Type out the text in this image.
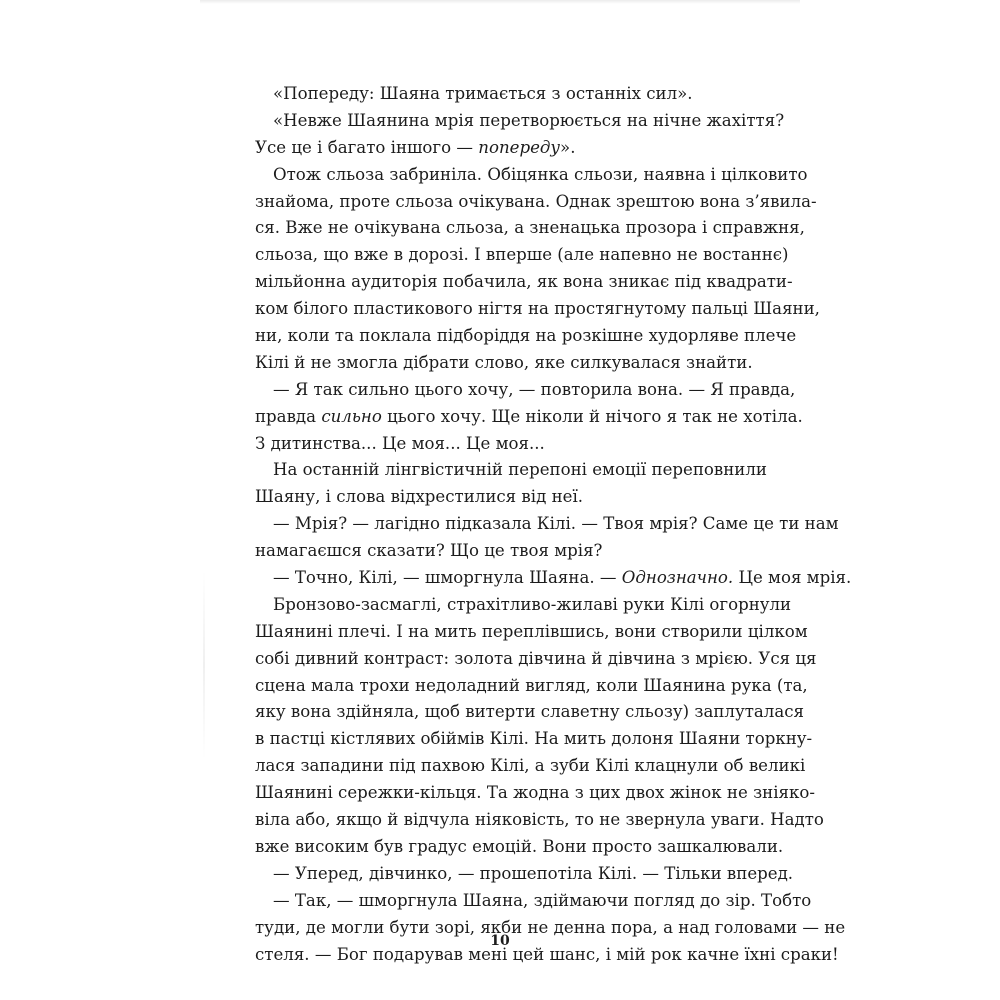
«Попереду: Шаяна тримається з останніх сил».
«Невже Шаянина мрія перетворюється на нічне жахіття?
Усе це і багато іншого — попереду».
Отож сльоза забриніла. Обіцянка сльози, наявна і цілковито
знайома, проте сльоза очікувана. Однак зрештою вона з’явила-
ся. Вже не очікувана сльоза, а зненацька прозора і справжня,
сльоза, що вже в дорозі. І вперше (але напевно не востаннє)
мільйонна аудиторія побачила, як вона зникає під квадрати-
ком білого пластикового нігтя на простягнутому пальці Шаяни,
ни, коли та поклала підборіддя на розкішне худорляве плече
Кілі й не змогла дібрати слово, яке силкувалася знайти.
— Я так сильно цього хочу, — повторила вона. — Я правда,
правда сильно цього хочу. Ще ніколи й нічого я так не хотіла.
З дитинства... Це моя... Це моя...
На останній лінгвістичній перепоні емоції переповнили
Шаяну, і слова відхрестилися від неї.
— Мрія? — лагідно підказала Кілі. — Твоя мрія? Саме це ти нам
намагаєшся сказати? Що це твоя мрія?
— Точно, Кілі, — шморгнула Шаяна. — Однозначно. Це моя мрія.
Бронзово-засмаглі, страхітливо-жилаві руки Кілі огорнули
Шаянині плечі. І на мить переплівшись, вони створили цілком
собі дивний контраст: золота дівчина й дівчина з мрією. Уся ця
сцена мала трохи недоладний вигляд, коли Шаянина рука (та,
яку вона здійняла, щоб витерти славетну сльозу) заплуталася
в пастці кістлявих обіймів Кілі. На мить долоня Шаяни торкну-
лася западини під пахвою Кілі, а зуби Кілі клацнули об великі
Шаянині сережки-кільця. Та жодна з цих двох жінок не зніяко-
віла або, якщо й відчула ніяковість, то не звернула уваги. Надто
вже високим був градус емоцій. Вони просто зашкалювали.
— Уперед, дівчинко, — прошепотіла Кілі. — Тільки вперед.
— Так, — шморгнула Шаяна, здіймаючи погляд до зір. Тобто
туди, де могли бути зорі, якби не денна пора, а над головами — не
стеля. — Бог подарував мені цей шанс, і мій рок качне їхні сраки!
10
